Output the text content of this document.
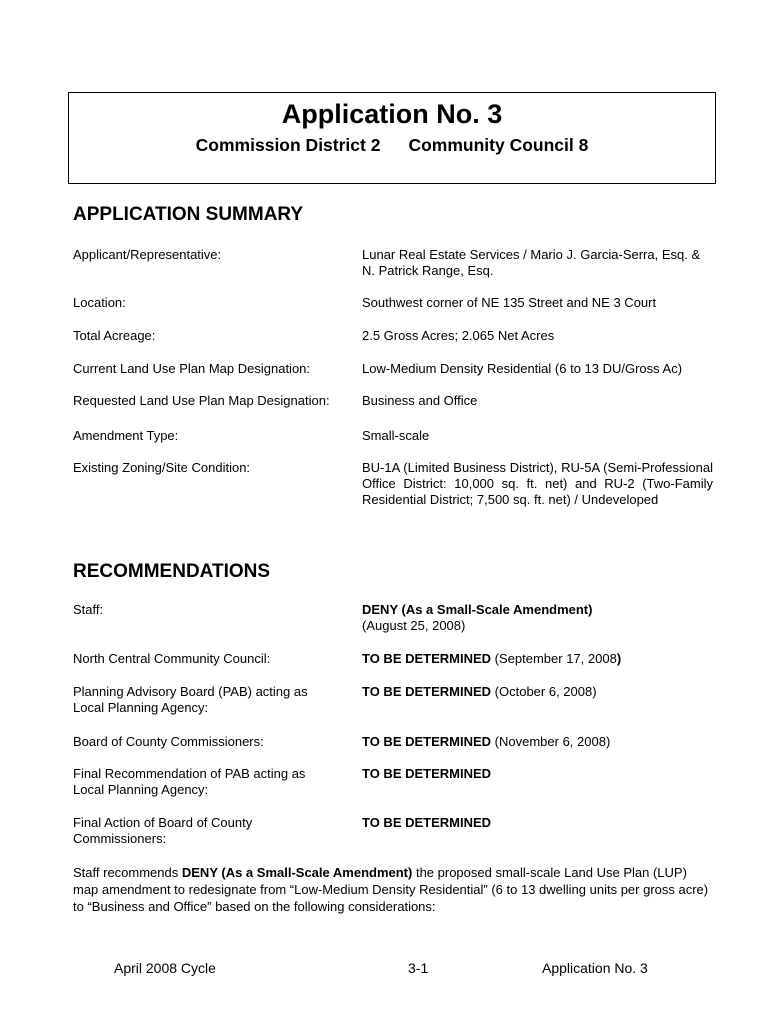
Application No. 3
Commission District 2 Community Council 8
APPLICATION SUMMARY
Applicant/Representative:	Lunar Real Estate Services / Mario J. Garcia-Serra, Esq. & N. Patrick Range, Esq.
Location:	Southwest corner of NE 135 Street and NE 3 Court
Total Acreage:	2.5 Gross Acres; 2.065 Net Acres
Current Land Use Plan Map Designation:	Low-Medium Density Residential (6 to 13 DU/Gross Ac)
Requested Land Use Plan Map Designation:	Business and Office
Amendment Type:	Small-scale
Existing Zoning/Site Condition:	BU-1A (Limited Business District), RU-5A (Semi-Professional Office District: 10,000 sq. ft. net) and RU-2 (Two-Family Residential District; 7,500 sq. ft. net) / Undeveloped
RECOMMENDATIONS
Staff:	DENY (As a Small-Scale Amendment)
(August 25, 2008)
North Central Community Council:	TO BE DETERMINED (September 17, 2008)
Planning Advisory Board (PAB) acting as Local Planning Agency:
TO BE DETERMINED (October 6, 2008)
Board of County Commissioners:	TO BE DETERMINED (November 6, 2008)
Final Recommendation of PAB acting as Local Planning Agency:
TO BE DETERMINED
Final Action of Board of County Commissioners:
TO BE DETERMINED
Staff recommends DENY (As a Small-Scale Amendment) the proposed small-scale Land Use Plan (LUP) map amendment to redesignate from “Low-Medium Density Residential” (6 to 13 dwelling units per gross acre) to “Business and Office” based on the following considerations:
April 2008 Cycle	3-1	Application No. 3
